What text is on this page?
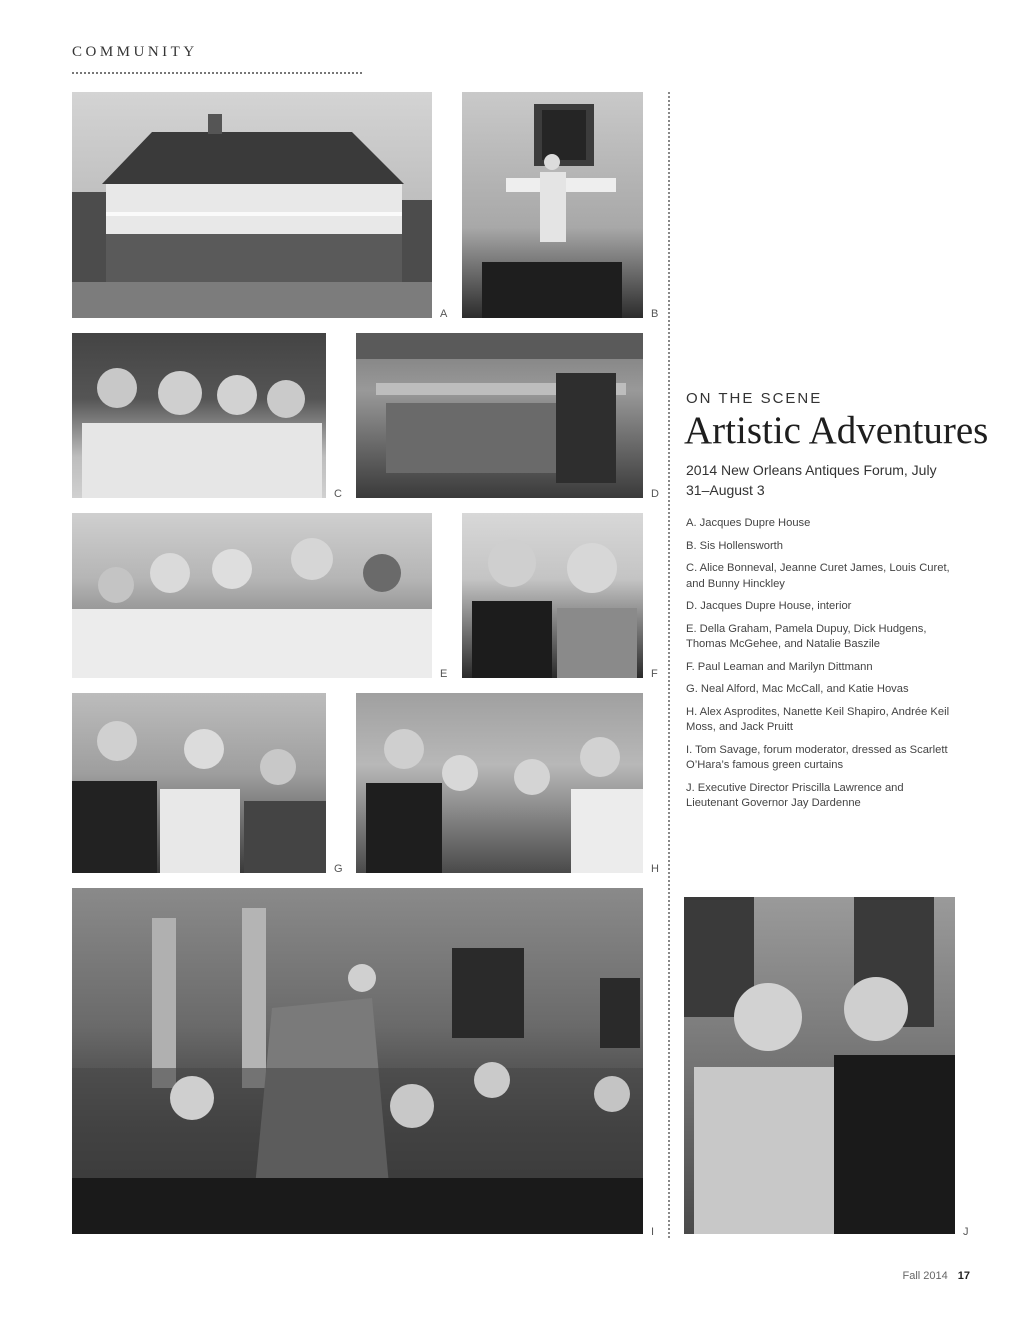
COMMUNITY
A	B
C	D
E	F
G	H
I	J
ON THE SCENE
Artistic Adventures
2014 New Orleans Antiques Forum, July 31–August 3
A. Jacques Dupre House
B. Sis Hollensworth
C. Alice Bonneval, Jeanne Curet James, Louis Curet, and Bunny Hinckley
D. Jacques Dupre House, interior
E. Della Graham, Pamela Dupuy, Dick Hudgens, Thomas McGehee, and Natalie Baszile
F. Paul Leaman and Marilyn Dittmann
G. Neal Alford, Mac McCall, and Katie Hovas
H. Alex Asprodites, Nanette Keil Shapiro, Andrée Keil Moss, and Jack Pruitt
I. Tom Savage, forum moderator, dressed as Scarlett O’Hara’s famous green curtains
J. Executive Director Priscilla Lawrence and Lieutenant Governor Jay Dardenne
Fall 2014 17
